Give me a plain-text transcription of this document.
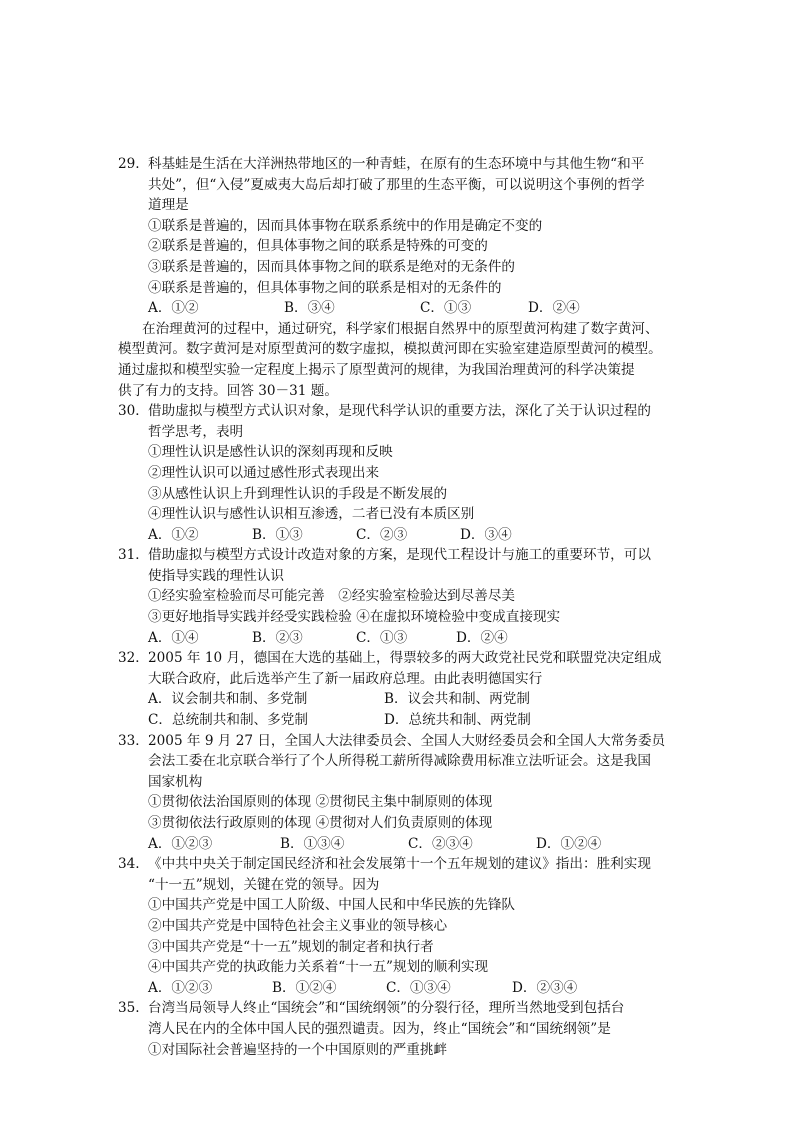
29. 科基蛙是生活在大洋洲热带地区的一种青蛙，在原有的生态环境中与其他生物“和平
共处”，但“入侵”夏威夷大岛后却打破了那里的生态平衡，可以说明这个事例的哲学
道理是
①联系是普遍的，因而具体事物在联系系统中的作用是确定不变的
②联系是普遍的，但具体事物之间的联系是特殊的可变的
③联系是普遍的，因而具体事物之间的联系是绝对的无条件的
④联系是普遍的，但具体事物之间的联系是相对的无条件的
A．①②	B．③④	C．①③	D．②④
在治理黄河的过程中，通过研究，科学家们根据自然界中的原型黄河构建了数字黄河、
模型黄河。数字黄河是对原型黄河的数字虚拟，模拟黄河即在实验室建造原型黄河的模型。
通过虚拟和模型实验一定程度上揭示了原型黄河的规律，为我国治理黄河的科学决策提
供了有力的支持。回答 30－31 题。
30． 借助虚拟与模型方式认识对象，是现代科学认识的重要方法，深化了关于认识过程的
哲学思考，表明
①理性认识是感性认识的深刻再现和反映
②理性认识可以通过感性形式表现出来
③从感性认识上升到理性认识的手段是不断发展的
④理性认识与感性认识相互渗透，二者已没有本质区别
A．①②	B．①③	C．②③	D．③④
31． 借助虚拟与模型方式设计改造对象的方案，是现代工程设计与施工的重要环节，可以
使指导实践的理性认识
①经实验室检验而尽可能完善　②经实验室检验达到尽善尽美
③更好地指导实践并经受实践检验 ④在虚拟环境检验中变成直接现实
A．①④	B．②③	C．①③	D．②④
32． 2005 年 10 月，德国在大选的基础上，得票较多的两大政党社民党和联盟党决定组成
大联合政府，此后选举产生了新一届政府总理。由此表明德国实行
A．议会制共和制、多党制	B．议会共和制、两党制
C．总统制共和制、多党制	D．总统共和制、两党制
33． 2005 年 9 月 27 日，全国人大法律委员会、全国人大财经委员会和全国人大常务委员
会法工委在北京联合举行了个人所得税工薪所得减除费用标准立法听证会。这是我国
国家机构
①贯彻依法治国原则的体现 ②贯彻民主集中制原则的体现
③贯彻依法行政原则的体现 ④贯彻对人们负责原则的体现
A．①②③	B．①③④	C．②③④	D．①②④
34. 《中共中央关于制定国民经济和社会发展第十一个五年规划的建议》指出：胜利实现
“十一五”规划，关键在党的领导。因为
①中国共产党是中国工人阶级、中国人民和中华民族的先锋队
②中国共产党是中国特色社会主义事业的领导核心
③中国共产党是“十一五”规划的制定者和执行者
④中国共产党的执政能力关系着“十一五”规划的顺利实现
A．①②③	B．①②④	C．①③④	D．②③④
35. 台湾当局领导人终止“国统会”和“国统纲领”的分裂行径，理所当然地受到包括台
湾人民在内的全体中国人民的强烈谴责。因为，终止“国统会”和“国统纲领”是
①对国际社会普遍坚持的一个中国原则的严重挑衅
